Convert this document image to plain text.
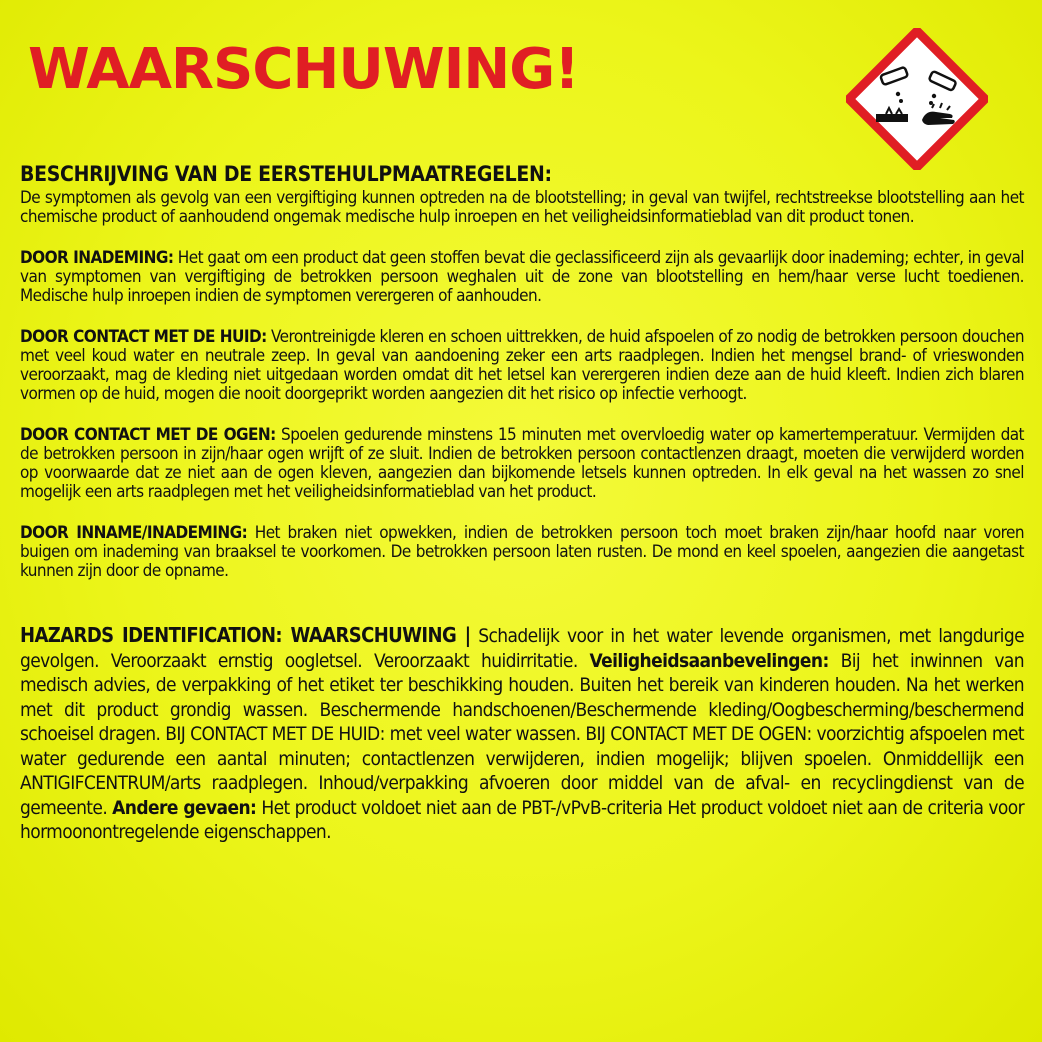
WAARSCHUWING!
BESCHRIJVING VAN DE EERSTEHULPMAATREGELEN:

De symptomen als gevolg van een vergiftiging kunnen optreden na de blootstelling; in geval van twijfel, rechtstreekse blootstelling aan het chemische product of aanhoudend ongemak medische hulp inroepen en het veiligheidsinformatieblad van dit product tonen.

DOOR INADEMING: Het gaat om een product dat geen stoffen bevat die geclassificeerd zijn als gevaarlijk door inademing; echter, in geval van symptomen van vergiftiging de betrokken persoon weghalen uit de zone van blootstelling en hem/haar verse lucht toedienen. Medische hulp inroepen indien de symptomen verergeren of aanhouden.

DOOR CONTACT MET DE HUID: Verontreinigde kleren en schoen uittrekken, de huid afspoelen of zo nodig de betrokken persoon douchen met veel koud water en neutrale zeep. In geval van aandoening zeker een arts raadplegen. Indien het mengsel brand- of vrieswonden veroorzaakt, mag de kleding niet uitgedaan worden omdat dit het letsel kan verergeren indien deze aan de huid kleeft. Indien zich blaren vormen op de huid, mogen die nooit doorgeprikt worden aangezien dit het risico op infectie verhoogt.

DOOR CONTACT MET DE OGEN: Spoelen gedurende minstens 15 minuten met overvloedig water op kamertemperatuur. Vermijden dat de betrokken persoon in zijn/haar ogen wrijft of ze sluit. Indien de betrokken persoon contactlenzen draagt, moeten die verwijderd worden op voorwaarde dat ze niet aan de ogen kleven, aangezien dan bijkomende letsels kunnen optreden. In elk geval na het wassen zo snel mogelijk een arts raadplegen met het veiligheidsinformatieblad van het product.

DOOR INNAME/INADEMING: Het braken niet opwekken, indien de betrokken persoon toch moet braken zijn/haar hoofd naar voren buigen om inademing van braaksel te voorkomen. De betrokken persoon laten rusten. De mond en keel spoelen, aangezien die aangetast kunnen zijn door de opname.

HAZARDS IDENTIFICATION: WAARSCHUWING | Schadelijk voor in het water levende organismen, met langdurige gevolgen. Veroorzaakt ernstig oogletsel. Veroorzaakt huidirritatie. Veiligheidsaanbevelingen: Bij het inwinnen van medisch advies, de verpakking of het etiket ter beschikking houden. Buiten het bereik van kinderen houden. Na het werken met dit product grondig wassen. Beschermende handschoenen/Beschermende kleding/Oogbescherming/beschermend schoeisel dragen. BIJ CONTACT MET DE HUID: met veel water wassen. BIJ CONTACT MET DE OGEN: voorzichtig afspoelen met water gedurende een aantal minuten; contactlenzen verwijderen, indien mogelijk; blijven spoelen. Onmiddellijk een ANTIGIFCENTRUM/arts raadplegen. Inhoud/verpakking afvoeren door middel van de afval- en recyclingdienst van de gemeente. Andere gevaen: Het product voldoet niet aan de PBT-/vPvB-criteria Het product voldoet niet aan de criteria voor hormoonontregelende eigenschappen.
